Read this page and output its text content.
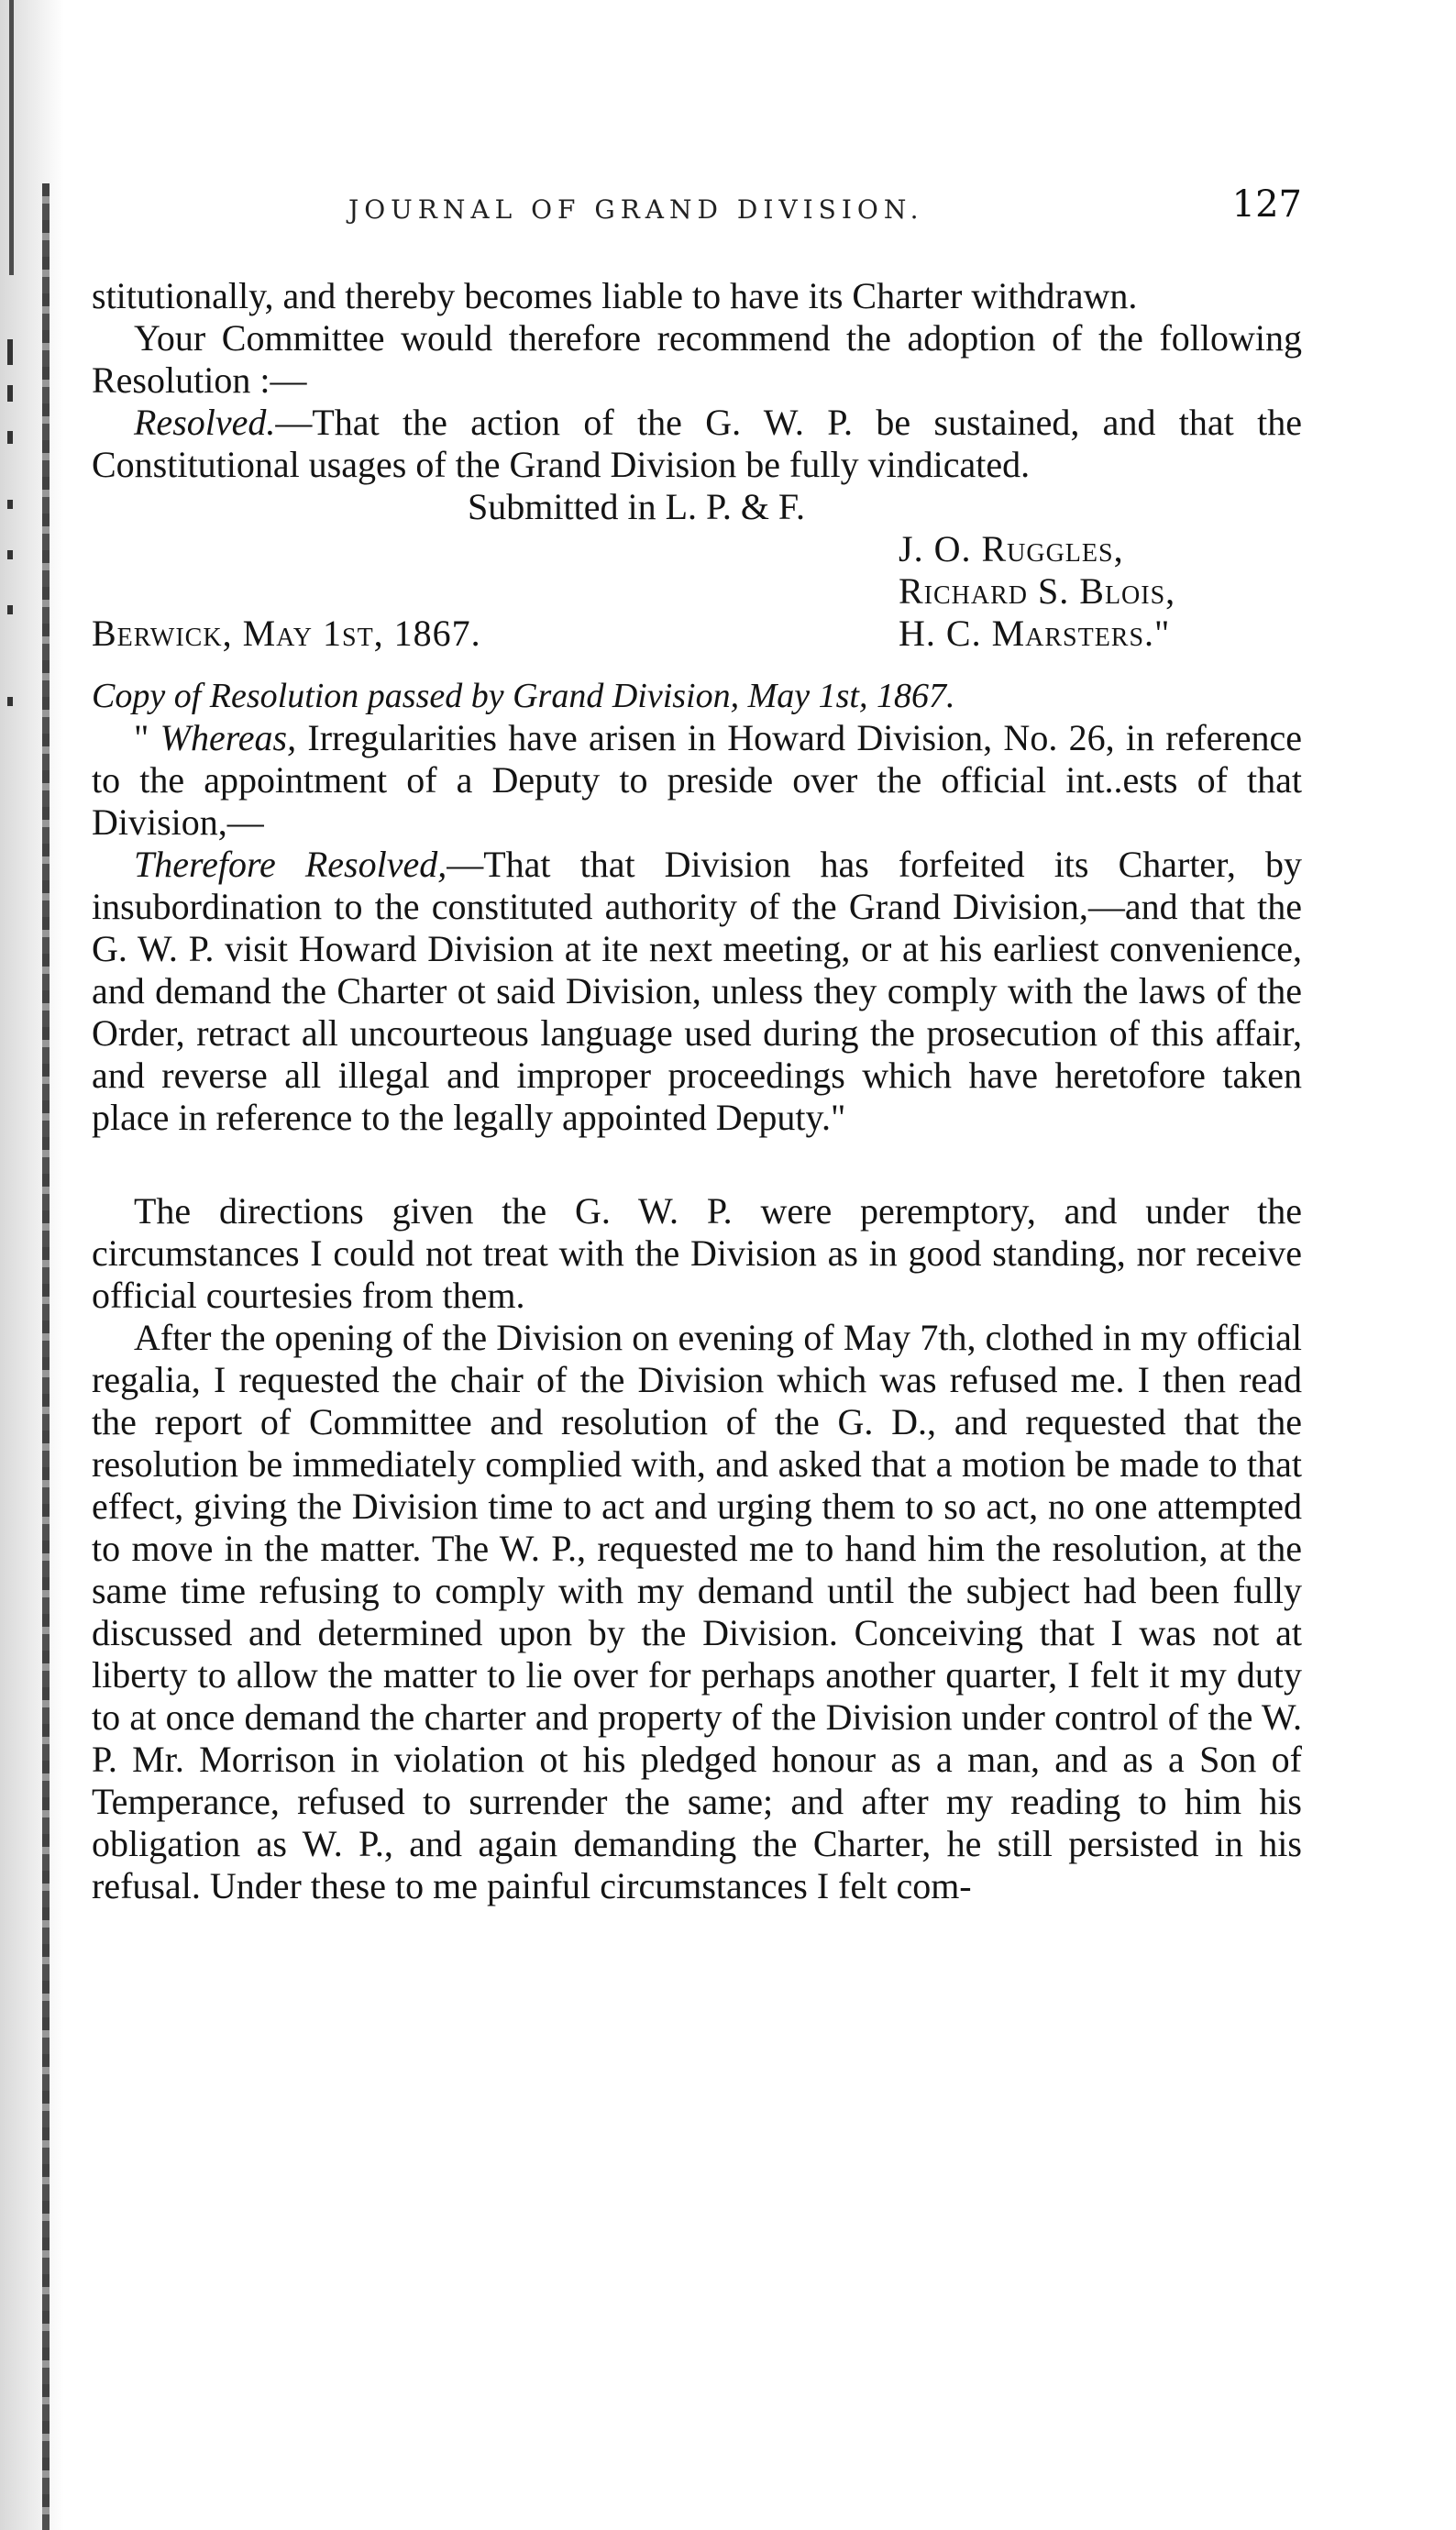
JOURNAL OF GRAND DIVISION.	127

stitutionally, and thereby becomes liable to have its Charter withdrawn.

Your Committee would therefore recommend the adoption of the following Resolution :—

Resolved.—That the action of the G. W. P. be sustained, and that the Constitutional usages of the Grand Division be fully vindicated.

Submitted in L. P. & F.

J. O. Ruggles,
Richard S. Blois,
H. C. Marsters."
Berwick, May 1st, 1867.

Copy of Resolution passed by Grand Division, May 1st, 1867.

" Whereas, Irregularities have arisen in Howard Division, No. 26, in reference to the appointment of a Deputy to preside over the official int..ests of that Division,—

Therefore Resolved,—That that Division has forfeited its Charter, by insubordination to the constituted authority of the Grand Division,—and that the G. W. P. visit Howard Division at ite next meeting, or at his earliest convenience, and demand the Charter ot said Division, unless they comply with the laws of the Order, retract all uncourteous language used during the prosecution of this affair, and reverse all illegal and improper proceedings which have heretofore taken place in reference to the legally appointed Deputy."

The directions given the G. W. P. were peremptory, and under the circumstances I could not treat with the Division as in good standing, nor receive official courtesies from them.

After the opening of the Division on evening of May 7th, clothed in my official regalia, I requested the chair of the Division which was refused me. I then read the report of Committee and resolution of the G. D., and requested that the resolution be immediately complied with, and asked that a motion be made to that effect, giving the Division time to act and urging them to so act, no one attempted to move in the matter. The W. P., requested me to hand him the resolution, at the same time refusing to comply with my demand until the subject had been fully discussed and determined upon by the Division. Conceiving that I was not at liberty to allow the matter to lie over for perhaps another quarter, I felt it my duty to at once demand the charter and property of the Division under control of the W. P. Mr. Morrison in violation ot his pledged honour as a man, and as a Son of Temperance, refused to surrender the same; and after my reading to him his obligation as W. P., and again demanding the Charter, he still persisted in his refusal. Under these to me painful circumstances I felt com-
